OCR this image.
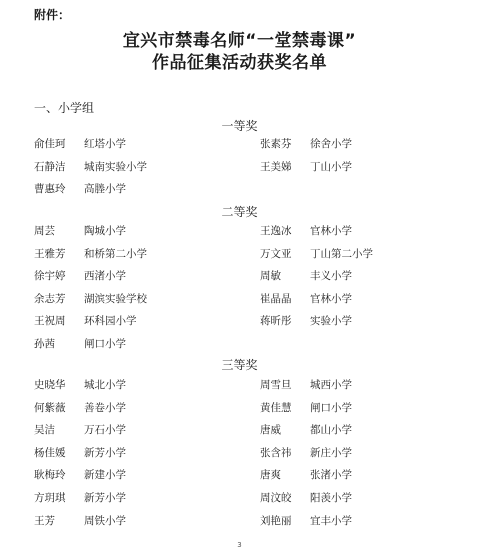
附件：
宜兴市禁毒名师“一堂禁毒课”
作品征集活动获奖名单
一、小学组
一等奖
二等奖
三等奖
俞佳珂 红塔小学	张素芬 徐舍小学
石静洁 城南实验小学	王美娣 丁山小学
曹惠玲 高塍小学
周芸	陶城小学	王逸冰 官林小学
王雅芳 和桥第二小学	万文亚 丁山第二小学
徐宇婷 西渚小学	周敏	丰义小学
余志芳 湖滨实验学校	崔晶晶 官林小学
王祝周 环科园小学	蒋昕彤 实验小学
孙茜	闸口小学
史晓华 城北小学	周雪旦 城西小学
何紫薇 善卷小学	黄佳慧 闸口小学
吴洁	万石小学	唐威	都山小学
杨佳媛 新芳小学	张含祎 新庄小学
耿梅玲 新建小学	唐爽	张渚小学
方玥琪 新芳小学	周汶皎 阳羡小学
王芳	周铁小学	刘艳丽 宜丰小学
3
